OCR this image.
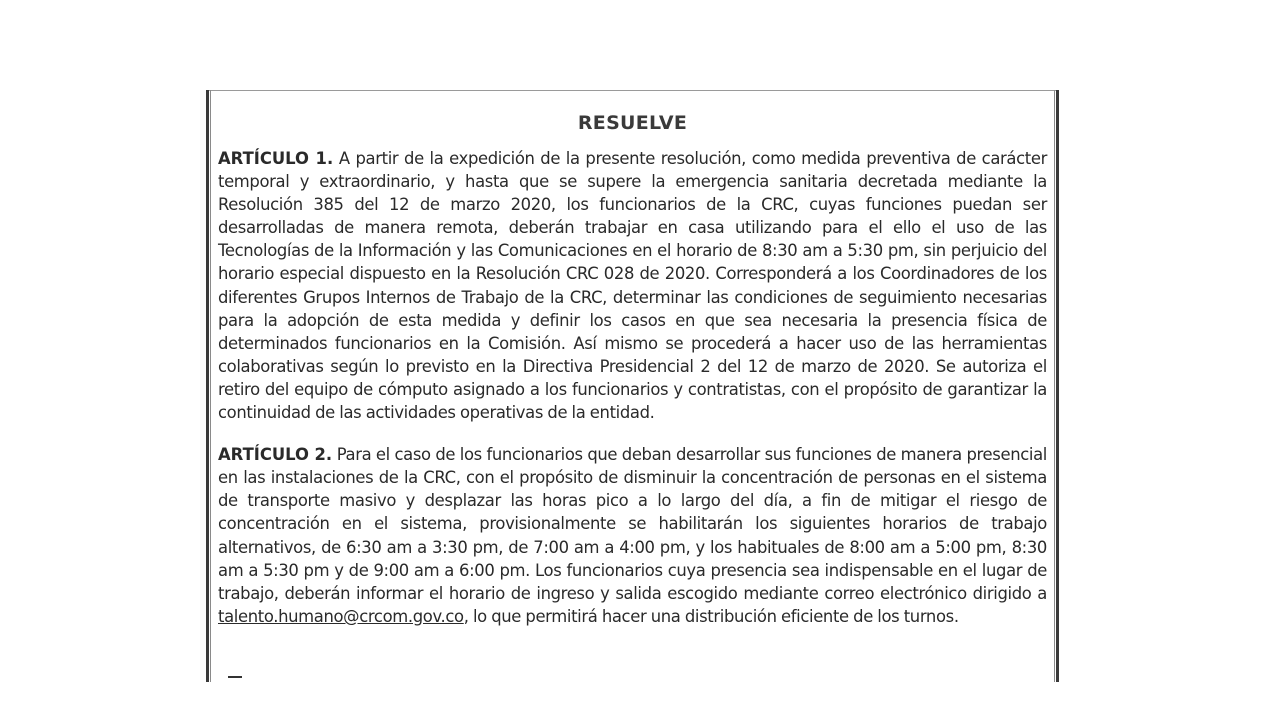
RESUELVE

ARTÍCULO 1. A partir de la expedición de la presente resolución, como medida preventiva de carácter temporal y extraordinario, y hasta que se supere la emergencia sanitaria decretada mediante la Resolución 385 del 12 de marzo 2020, los funcionarios de la CRC, cuyas funciones puedan ser desarrolladas de manera remota, deberán trabajar en casa utilizando para el ello el uso de las Tecnologías de la Información y las Comunicaciones en el horario de 8:30 am a 5:30 pm, sin perjuicio del horario especial dispuesto en la Resolución CRC 028 de 2020. Corresponderá a los Coordinadores de los diferentes Grupos Internos de Trabajo de la CRC, determinar las condiciones de seguimiento necesarias para la adopción de esta medida y definir los casos en que sea necesaria la presencia física de determinados funcionarios en la Comisión. Así mismo se procederá a hacer uso de las herramientas colaborativas según lo previsto en la Directiva Presidencial 2 del 12 de marzo de 2020. Se autoriza el retiro del equipo de cómputo asignado a los funcionarios y contratistas, con el propósito de garantizar la continuidad de las actividades operativas de la entidad.

ARTÍCULO 2. Para el caso de los funcionarios que deban desarrollar sus funciones de manera presencial en las instalaciones de la CRC, con el propósito de disminuir la concentración de personas en el sistema de transporte masivo y desplazar las horas pico a lo largo del día, a fin de mitigar el riesgo de concentración en el sistema, provisionalmente se habilitarán los siguientes horarios de trabajo alternativos, de 6:30 am a 3:30 pm, de 7:00 am a 4:00 pm, y los habituales de 8:00 am a 5:00 pm, 8:30 am a 5:30 pm y de 9:00 am a 6:00 pm. Los funcionarios cuya presencia sea indispensable en el lugar de trabajo, deberán informar el horario de ingreso y salida escogido mediante correo electrónico dirigido a talento.humano@crcom.gov.co, lo que permitirá hacer una distribución eficiente de los turnos.
